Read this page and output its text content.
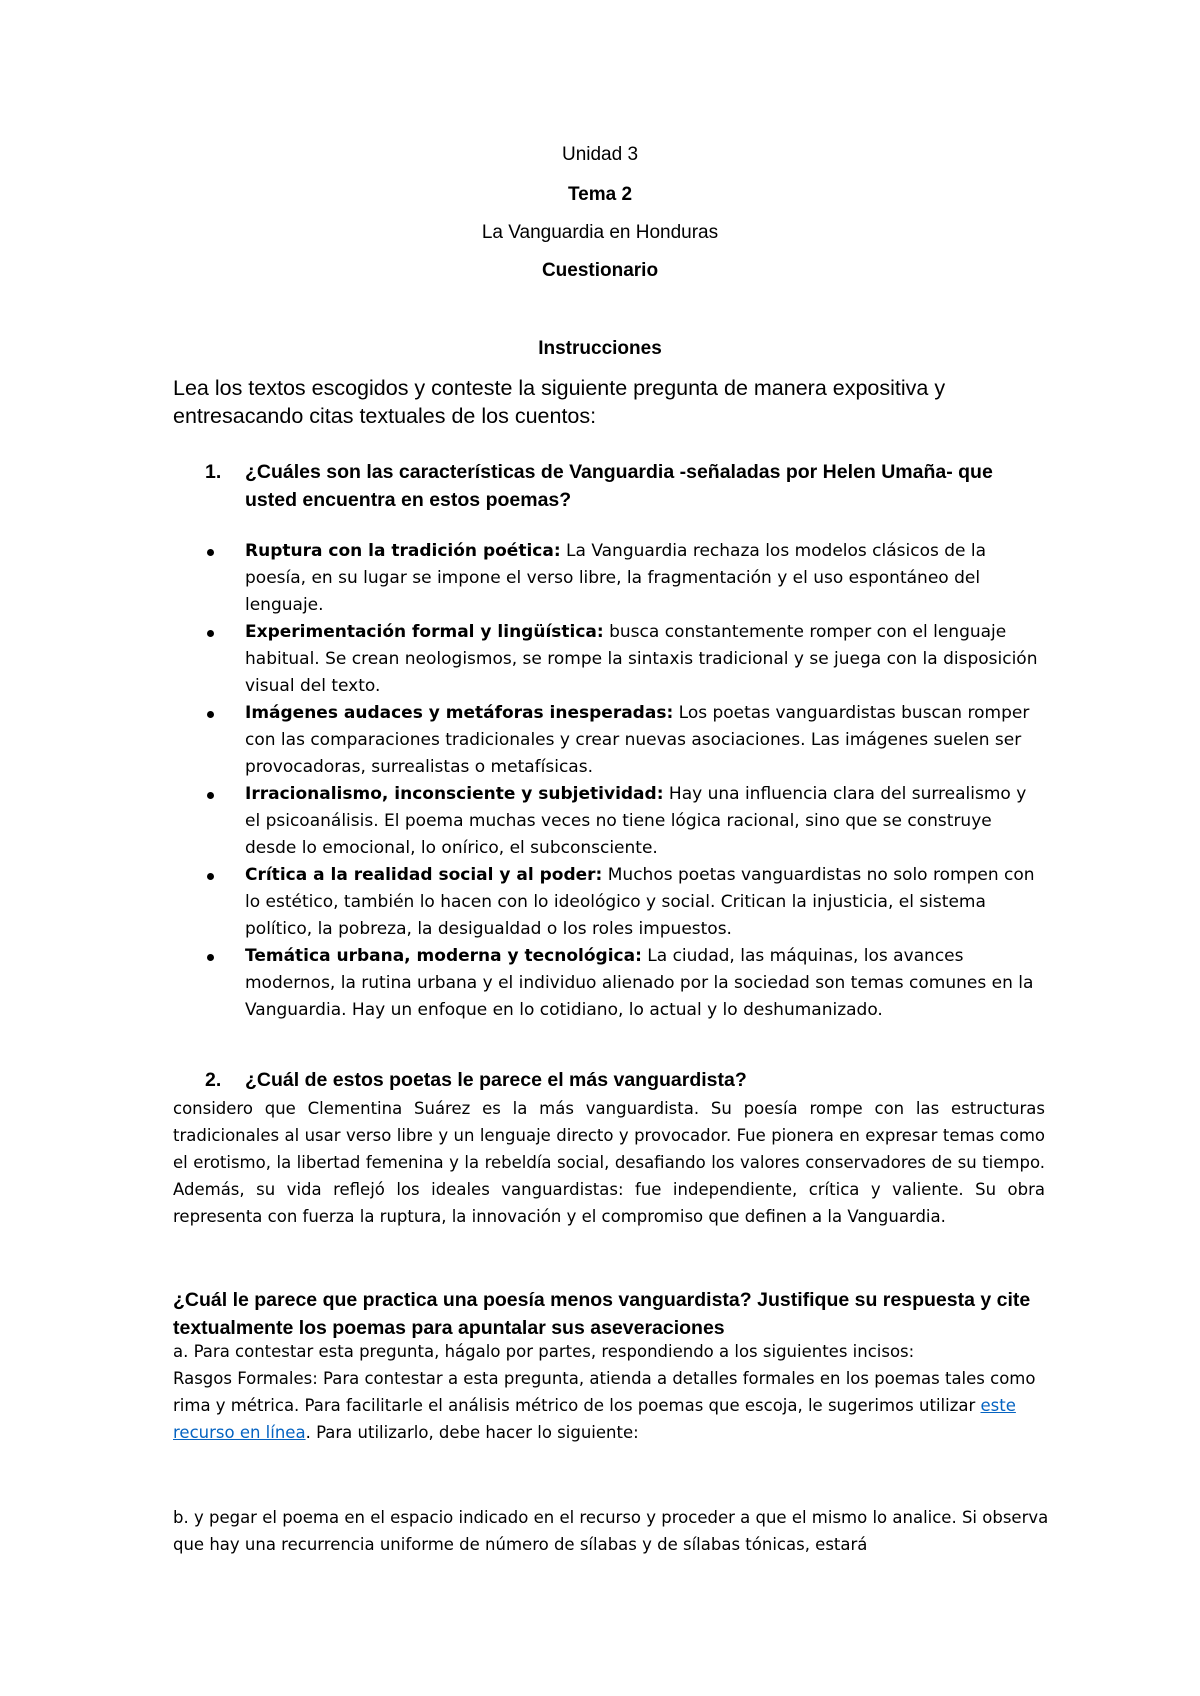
Unidad 3
Tema 2
La Vanguardia en Honduras
Cuestionario
Instrucciones
Lea los textos escogidos y conteste la siguiente pregunta de manera expositiva y entresacando citas textuales de los cuentos:
1. ¿Cuáles son las características de Vanguardia -señaladas por Helen Umaña- que usted encuentra en estos poemas?
Ruptura con la tradición poética: La Vanguardia rechaza los modelos clásicos de la poesía, en su lugar se impone el verso libre, la fragmentación y el uso espontáneo del lenguaje.
Experimentación formal y lingüística: busca constantemente romper con el lenguaje habitual. Se crean neologismos, se rompe la sintaxis tradicional y se juega con la disposición visual del texto.
Imágenes audaces y metáforas inesperadas: Los poetas vanguardistas buscan romper con las comparaciones tradicionales y crear nuevas asociaciones. Las imágenes suelen ser provocadoras, surrealistas o metafísicas.
Irracionalismo, inconsciente y subjetividad: Hay una influencia clara del surrealismo y el psicoanálisis. El poema muchas veces no tiene lógica racional, sino que se construye desde lo emocional, lo onírico, el subconsciente.
Crítica a la realidad social y al poder: Muchos poetas vanguardistas no solo rompen con lo estético, también lo hacen con lo ideológico y social. Critican la injusticia, el sistema político, la pobreza, la desigualdad o los roles impuestos.
Temática urbana, moderna y tecnológica: La ciudad, las máquinas, los avances modernos, la rutina urbana y el individuo alienado por la sociedad son temas comunes en la Vanguardia. Hay un enfoque en lo cotidiano, lo actual y lo deshumanizado.
2. ¿Cuál de estos poetas le parece el más vanguardista?
considero que Clementina Suárez es la más vanguardista. Su poesía rompe con las estructuras tradicionales al usar verso libre y un lenguaje directo y provocador. Fue pionera en expresar temas como el erotismo, la libertad femenina y la rebeldía social, desafiando los valores conservadores de su tiempo. Además, su vida reflejó los ideales vanguardistas: fue independiente, crítica y valiente. Su obra representa con fuerza la ruptura, la innovación y el compromiso que definen a la Vanguardia.
¿Cuál le parece que practica una poesía menos vanguardista? Justifique su respuesta y cite textualmente los poemas para apuntalar sus aseveraciones
a. Para contestar esta pregunta, hágalo por partes, respondiendo a los siguientes incisos:
Rasgos Formales: Para contestar a esta pregunta, atienda a detalles formales en los poemas tales como rima y métrica. Para facilitarle el análisis métrico de los poemas que escoja, le sugerimos utilizar este recurso en línea. Para utilizarlo, debe hacer lo siguiente:
b. y pegar el poema en el espacio indicado en el recurso y proceder a que el mismo lo analice. Si observa que hay una recurrencia uniforme de número de sílabas y de sílabas tónicas, estará
